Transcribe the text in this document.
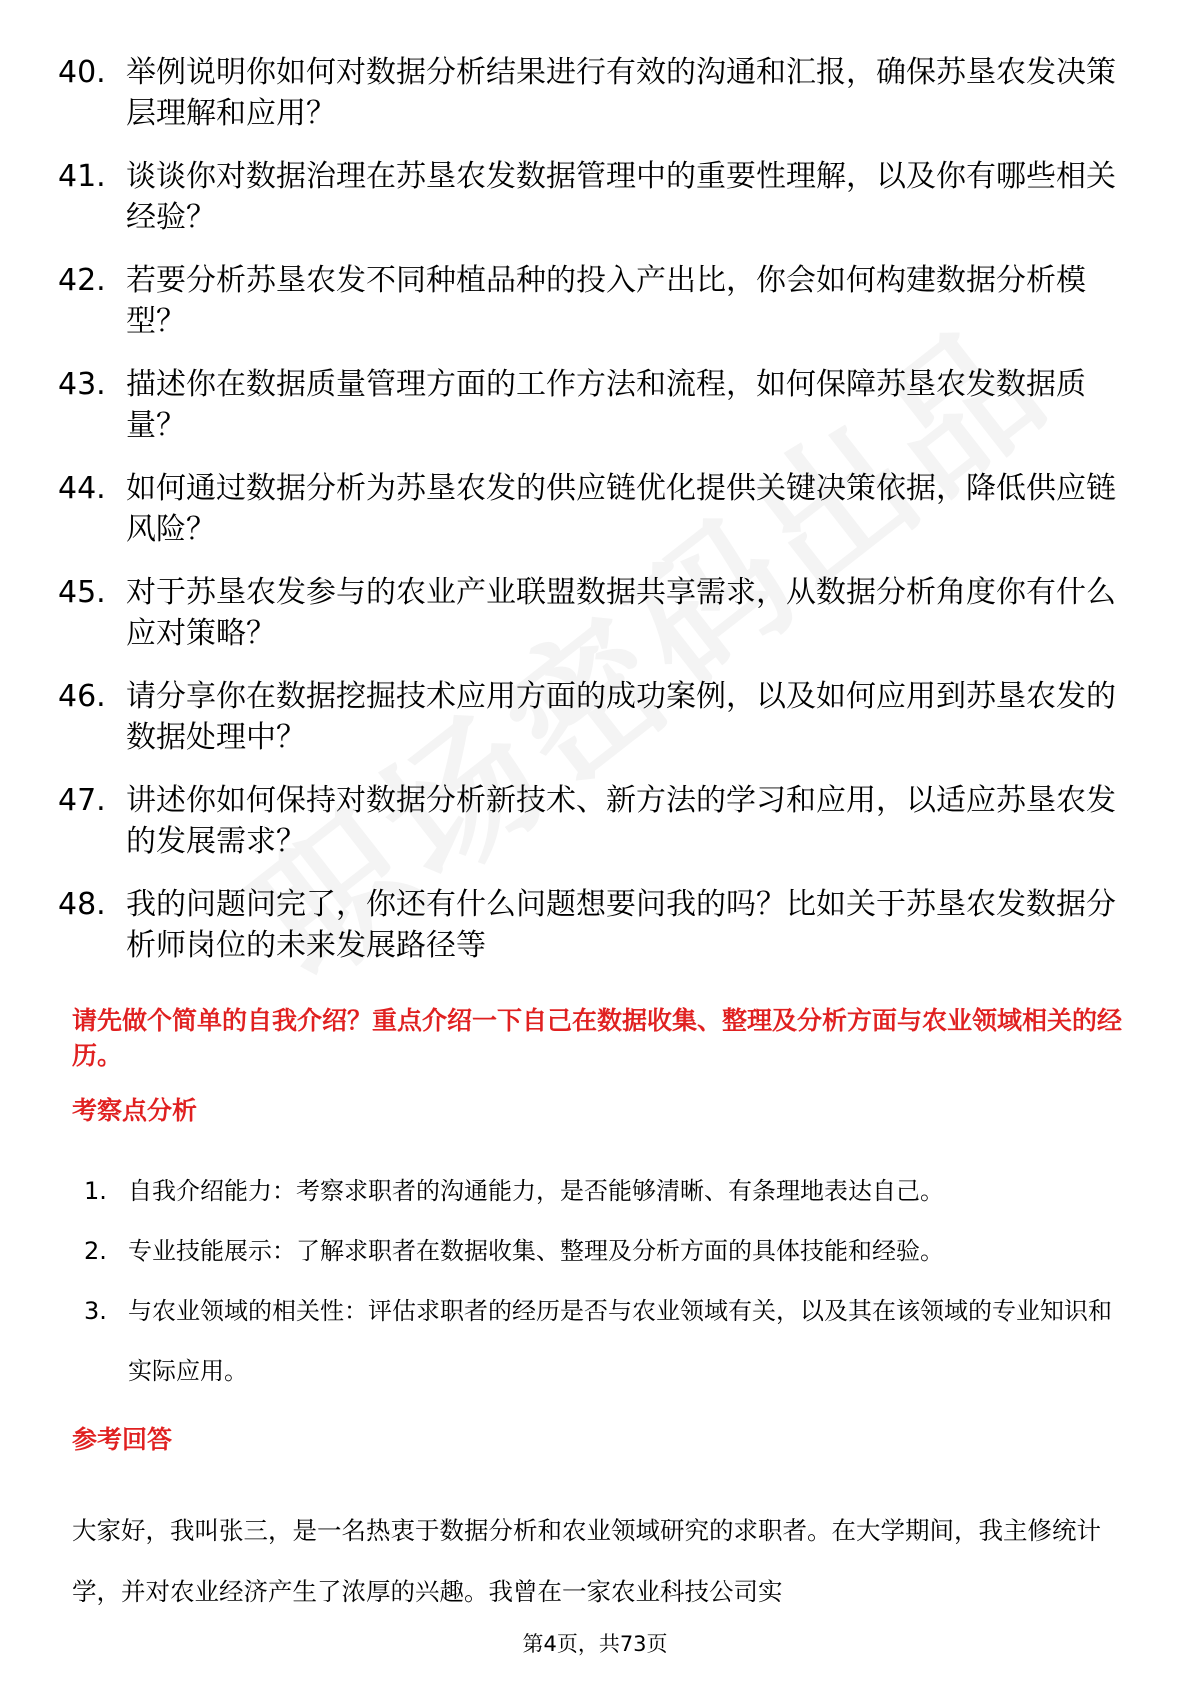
40. 举例说明你如何对数据分析结果进行有效的沟通和汇报，确保苏垦农发决策层理解和应用？
41. 谈谈你对数据治理在苏垦农发数据管理中的重要性理解，以及你有哪些相关经验？
42. 若要分析苏垦农发不同种植品种的投入产出比，你会如何构建数据分析模型？
43. 描述你在数据质量管理方面的工作方法和流程，如何保障苏垦农发数据质量？
44. 如何通过数据分析为苏垦农发的供应链优化提供关键决策依据，降低供应链风险？
45. 对于苏垦农发参与的农业产业联盟数据共享需求，从数据分析角度你有什么应对策略？
46. 请分享你在数据挖掘技术应用方面的成功案例，以及如何应用到苏垦农发的数据处理中？
47. 讲述你如何保持对数据分析新技术、新方法的学习和应用，以适应苏垦农发的发展需求？
48. 我的问题问完了，你还有什么问题想要问我的吗？比如关于苏垦农发数据分析师岗位的未来发展路径等
请先做个简单的自我介绍？重点介绍一下自己在数据收集、整理及分析方面与农业领域相关的经历。
考察点分析
1. 自我介绍能力：考察求职者的沟通能力，是否能够清晰、有条理地表达自己。
2. 专业技能展示：了解求职者在数据收集、整理及分析方面的具体技能和经验。
3. 与农业领域的相关性：评估求职者的经历是否与农业领域有关，以及其在该领域的专业知识和实际应用。
参考回答

大家好，我叫张三，是一名热衷于数据分析和农业领域研究的求职者。在大学期间，我主修统计学，并对农业经济产生了浓厚的兴趣。我曾在一家农业科技公司实

第4页，共73页
